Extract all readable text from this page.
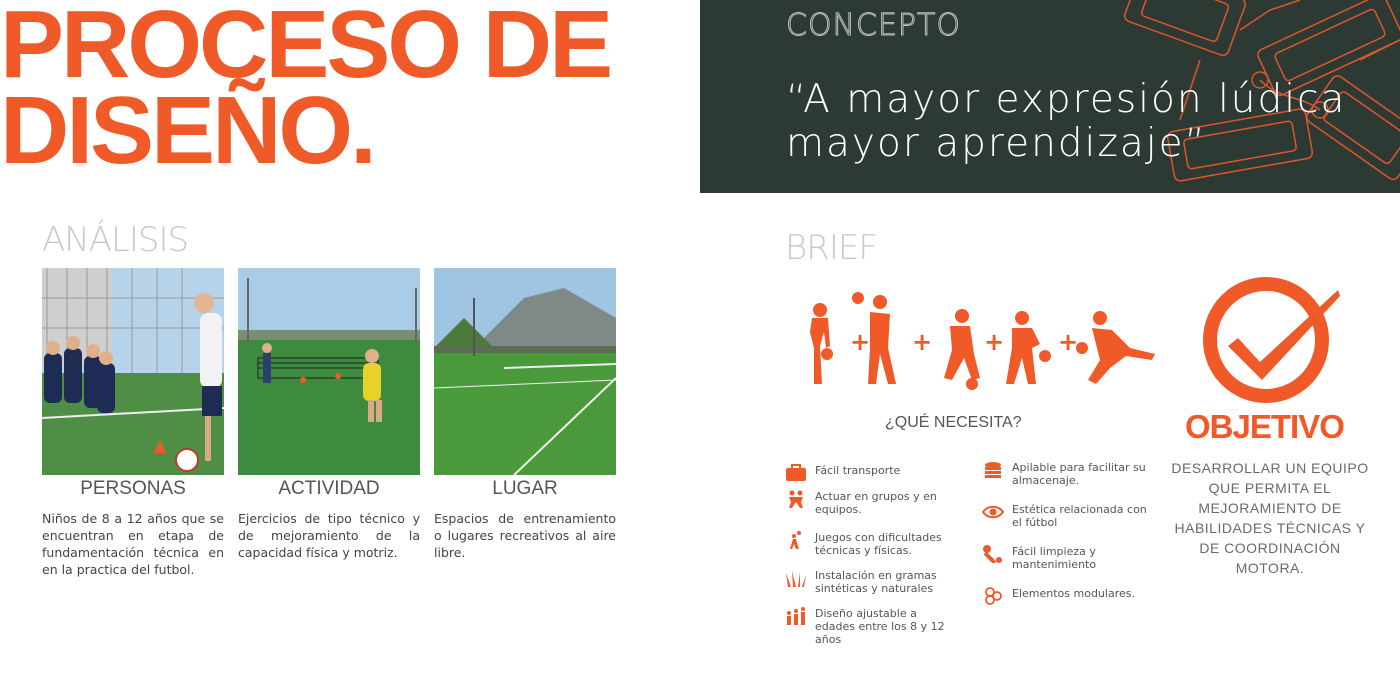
PROCESO DE
DISEÑO.
ANÁLISIS
PERSONAS	ACTIVIDAD	LUGAR
Niños de 8 a 12 años que se encuentran en etapa de fundamentación técnica en en la practica del futbol.
Ejercicios de tipo técnico y de mejoramiento de la capacidad física y motriz.
Espacios de entrenamiento o lugares recreativos al aire libre.
CONCEPTO
“A mayor expresión lúdica
mayor aprendizaje”
BRIEF
+ + + +
¿QUÉ NECESITA?
Fácil transporte
Actuar en grupos y en equipos.
Juegos con dificultades técnicas y físicas.
Instalación en gramas sintéticas y naturales
Diseño ajustable a edades entre los 8 y 12 años
Apilable para facilitar su almacenaje.
Estética relacionada con el fútbol
Fácil limpieza y mantenimiento
Elementos modulares.
OBJETIVO
DESARROLLAR UN EQUIPO QUE PERMITA EL MEJORAMIENTO DE HABILIDADES TÉCNICAS Y DE COORDINACIÓN MOTORA.
